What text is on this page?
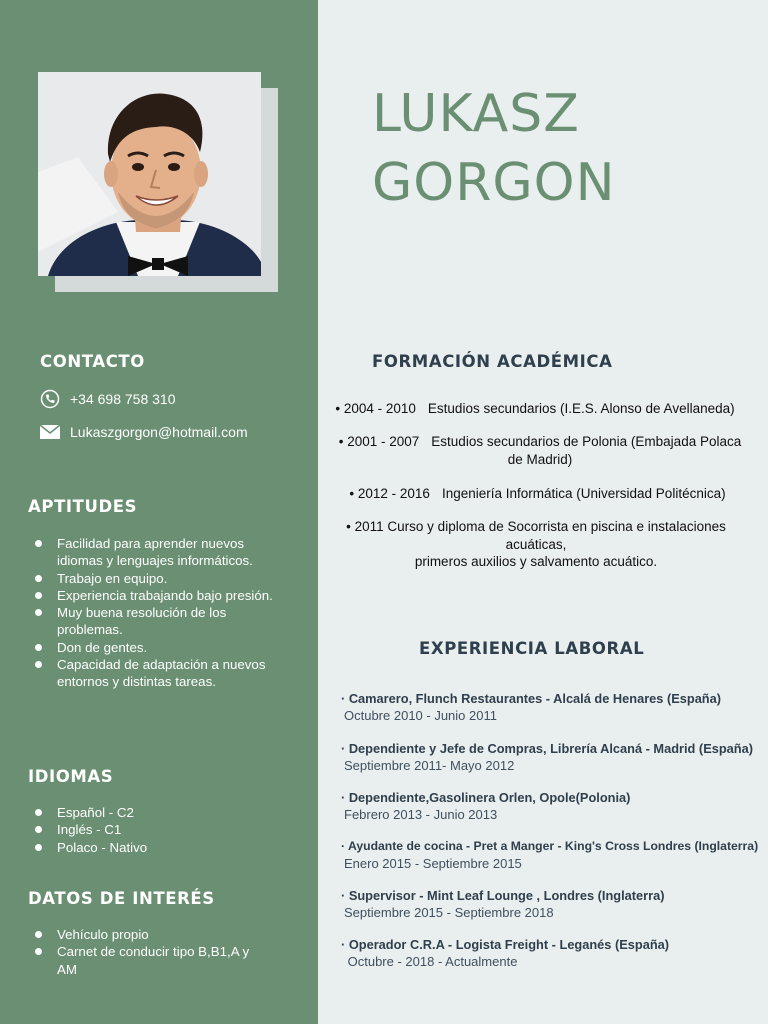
LUKASZ
GORGON
CONTACTO
+34 698 758 310
Lukaszgorgon@hotmail.com
APTITUDES
Facilidad para aprender nuevos idiomas y lenguajes informáticos.
Trabajo en equipo.
Experiencia trabajando bajo presión.
Muy buena resolución de los problemas.
Don de gentes.
Capacidad de adaptación a nuevos entornos y distintas tareas.
IDIOMAS
Español - C2
Inglés - C1
Polaco - Nativo
DATOS DE INTERÉS
Vehículo propio
Carnet de conducir tipo B,B1,A y AM
FORMACIÓN ACADÉMICA
• 2004 - 2010 Estudios secundarios (I.E.S. Alonso de Avellaneda)
• 2001 - 2007 Estudios secundarios de Polonia (Embajada Polaca
de Madrid)
• 2012 - 2016 Ingeniería Informática (Universidad Politécnica)
• 2011 Curso y diploma de Socorrista en piscina e instalaciones
acuáticas,
primeros auxilios y salvamento acuático.
EXPERIENCIA LABORAL
· Camarero, Flunch Restaurantes - Alcalá de Henares (España)
Octubre 2010 - Junio 2011
· Dependiente y Jefe de Compras, Librería Alcaná - Madrid (España)
Septiembre 2011- Mayo 2012
· Dependiente,Gasolinera Orlen, Opole(Polonia)
Febrero 2013 - Junio 2013
· Ayudante de cocina - Pret a Manger - King's Cross Londres (Inglaterra)
Enero 2015 - Septiembre 2015
· Supervisor - Mint Leaf Lounge , Londres (Inglaterra)
Septiembre 2015 - Septiembre 2018
· Operador C.R.A - Logista Freight - Leganés (España)
Octubre - 2018 - Actualmente
